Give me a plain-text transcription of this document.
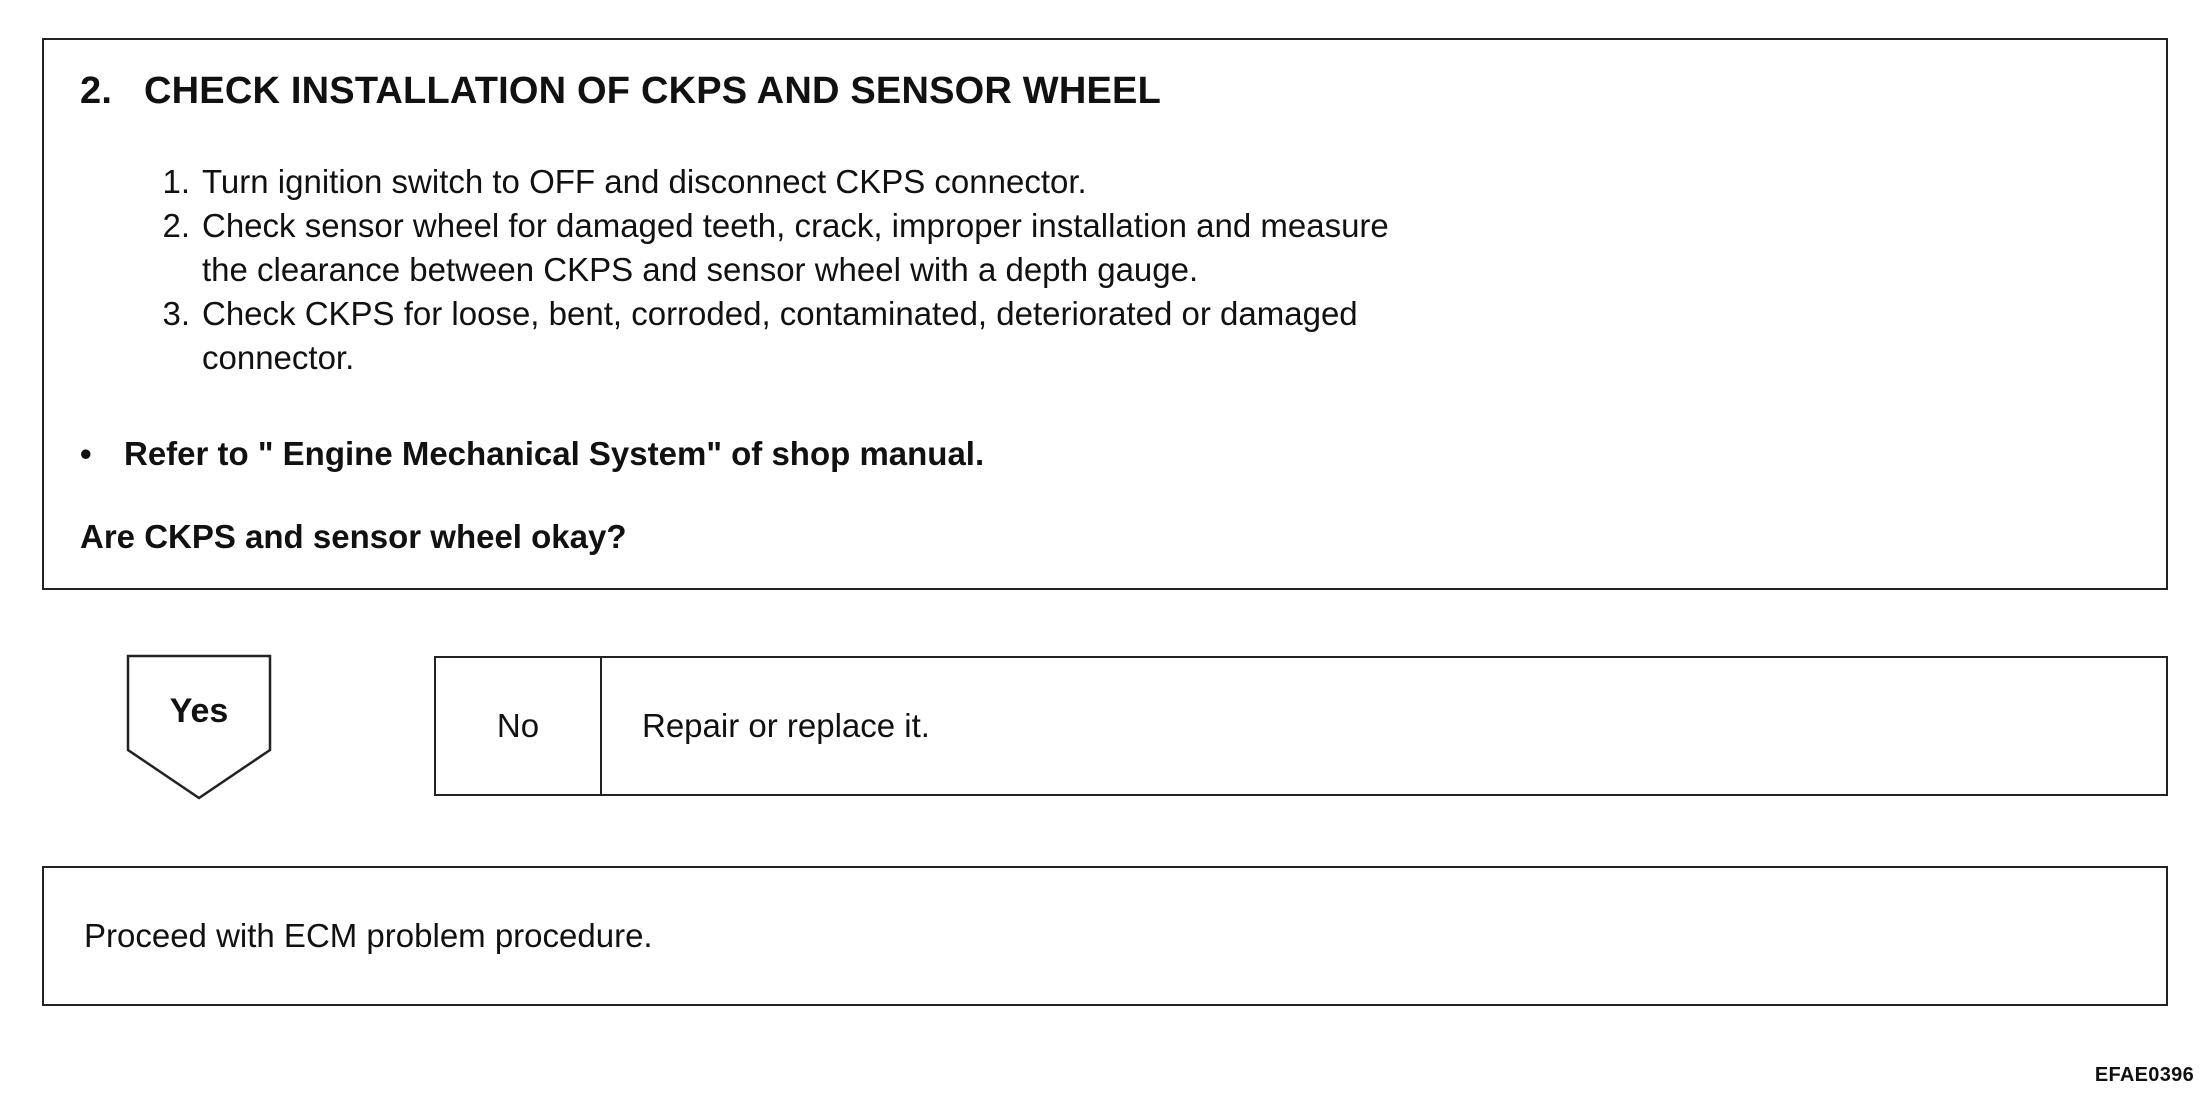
2. CHECK INSTALLATION OF CKPS AND SENSOR WHEEL
1. Turn ignition switch to OFF and disconnect CKPS connector.
2. Check sensor wheel for damaged teeth, crack, improper installation and measure
the clearance between CKPS and sensor wheel with a depth gauge.
3. Check CKPS for loose, bent, corroded, contaminated, deteriorated or damaged
connector.
• Refer to " Engine Mechanical System" of shop manual.
Are CKPS and sensor wheel okay?
Yes	No	Repair or replace it.
Proceed with ECM problem procedure.
EFAE0396
